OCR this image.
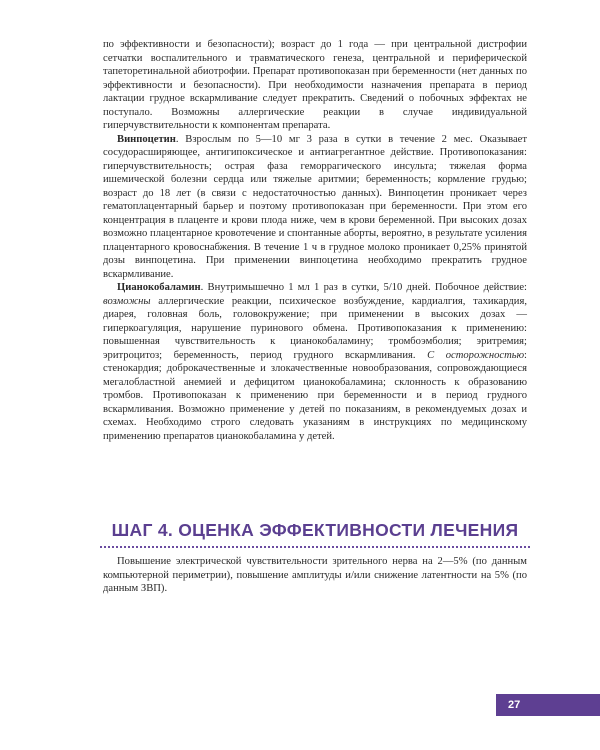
по эффективности и безопасности); возраст до 1 года — при центральной дистрофии сетчатки воспалительного и травматического генеза, центральной и периферической тапеторетинальной абиотрофии. Препарат противопоказан при беременности (нет данных по эффективности и безопасности). При необходимости назначения препарата в период лактации грудное вскармливание следует прекратить. Сведений о побочных эффектах не поступало. Возможны аллергические реакции в случае индивидуальной гиперчувствительности к компонентам препарата.

Винпоцетин. Взрослым по 5—10 мг 3 раза в сутки в течение 2 мес. Оказывает сосудорасширяющее, антигипоксическое и антиагрегантное действие. Противопоказания: гиперчувствительность; острая фаза геморрагического инсульта; тяжелая форма ишемической болезни сердца или тяжелые аритмии; беременность; кормление грудью; возраст до 18 лет (в связи с недостаточностью данных). Винпоцетин проникает через гематоплацентарный барьер и поэтому противопоказан при беременности. При этом его концентрация в плаценте и крови плода ниже, чем в крови беременной. При высоких дозах возможно плацентарное кровотечение и спонтанные аборты, вероятно, в результате усиления плацентарного кровоснабжения. В течение 1 ч в грудное молоко проникает 0,25% принятой дозы винпоцетина. При применении винпоцетина необходимо прекратить грудное вскармливание.

Цианокобаламин. Внутримышечно 1 мл 1 раз в сутки, 5/10 дней. Побочное действие: возможны аллергические реакции, психическое возбуждение, кардиалгия, тахикардия, диарея, головная боль, головокружение; при применении в высоких дозах — гиперкоагуляция, нарушение пуринового обмена. Противопоказания к применению: повышенная чувствительность к цианокобаламину; тромбоэмболия; эритремия; эритроцитоз; беременность, период грудного вскармливания. С осторожностью: стенокардия; доброкачественные и злокачественные новообразования, сопровождающиеся мегалобластной анемией и дефицитом цианокобаламина; склонность к образованию тромбов. Противопоказан к применению при беременности и в период грудного вскармливания. Возможно применение у детей по показаниям, в рекомендуемых дозах и схемах. Необходимо строго следовать указаниям в инструкциях по медицинскому применению препаратов цианокобаламина у детей.

ШАГ 4. ОЦЕНКА ЭФФЕКТИВНОСТИ ЛЕЧЕНИЯ

Повышение электрической чувствительности зрительного нерва на 2—5% (по данным компьютерной периметрии), повышение амплитуды и/или снижение латентности на 5% (по данным ЗВП).

27
